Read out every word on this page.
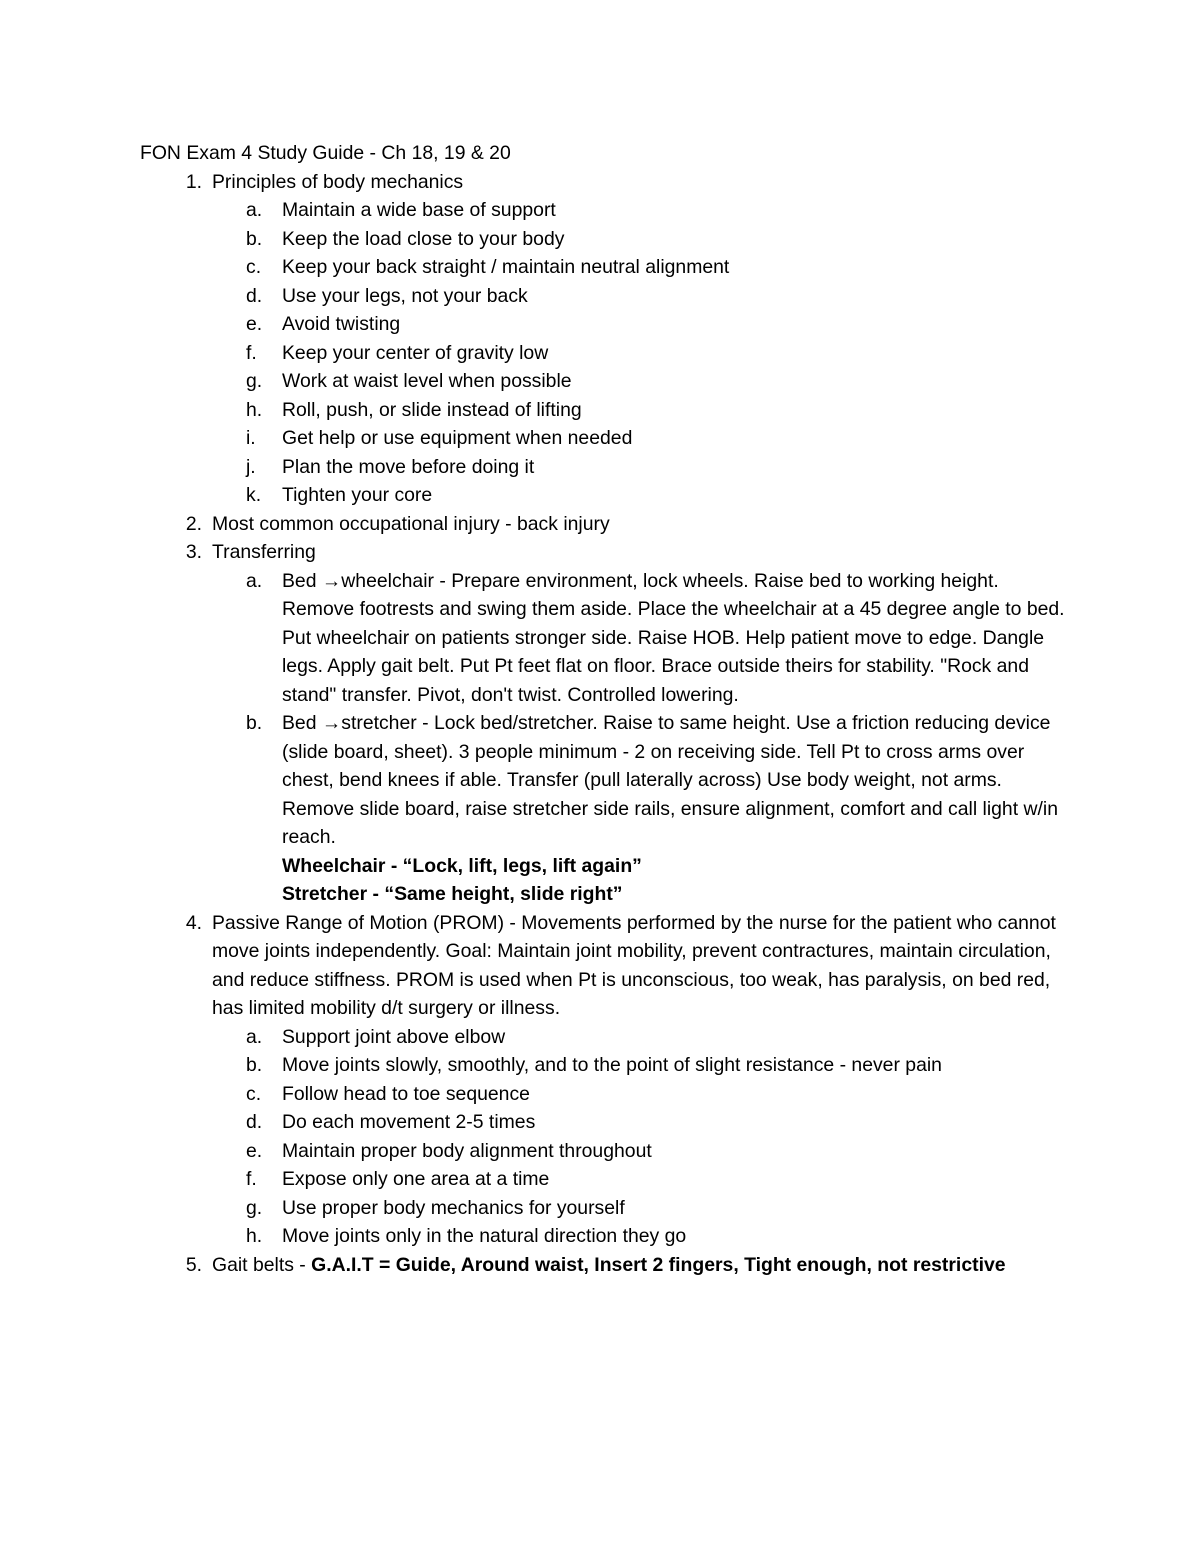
FON Exam 4 Study Guide - Ch 18, 19 & 20

1. Principles of body mechanics
a.	Maintain a wide base of support
b.	Keep the load close to your body
c.	Keep your back straight / maintain neutral alignment
d.	Use your legs, not your back
e.	Avoid twisting
f.	Keep your center of gravity low
g.	Work at waist level when possible
h.	Roll, push, or slide instead of lifting
i.	Get help or use equipment when needed
j.	Plan the move before doing it
k.	Tighten your core
2. Most common occupational injury - back injury
3. Transferring
a.	Bed →wheelchair - Prepare environment, lock wheels. Raise bed to working height. Remove footrests and swing them aside. Place the wheelchair at a 45 degree angle to bed. Put wheelchair on patients stronger side. Raise HOB. Help patient move to edge. Dangle legs. Apply gait belt. Put Pt feet flat on floor. Brace outside theirs for stability. "Rock and stand" transfer. Pivot, don't twist. Controlled lowering.
b.	Bed →stretcher - Lock bed/stretcher. Raise to same height. Use a friction reducing device (slide board, sheet). 3 people minimum - 2 on receiving side. Tell Pt to cross arms over chest, bend knees if able. Transfer (pull laterally across) Use body weight, not arms. Remove slide board, raise stretcher side rails, ensure alignment, comfort and call light w/in reach.
Wheelchair - “Lock, lift, legs, lift again”
Stretcher - “Same height, slide right”
4. Passive Range of Motion (PROM) - Movements performed by the nurse for the patient who cannot move joints independently. Goal: Maintain joint mobility, prevent contractures, maintain circulation, and reduce stiffness. PROM is used when Pt is unconscious, too weak, has paralysis, on bed red, has limited mobility d/t surgery or illness.
a.	Support joint above elbow
b.	Move joints slowly, smoothly, and to the point of slight resistance - never pain
c.	Follow head to toe sequence
d.	Do each movement 2-5 times
e.	Maintain proper body alignment throughout
f.	Expose only one area at a time
g.	Use proper body mechanics for yourself
h.	Move joints only in the natural direction they go
5. Gait belts - G.A.I.T = Guide, Around waist, Insert 2 fingers, Tight enough, not restrictive
